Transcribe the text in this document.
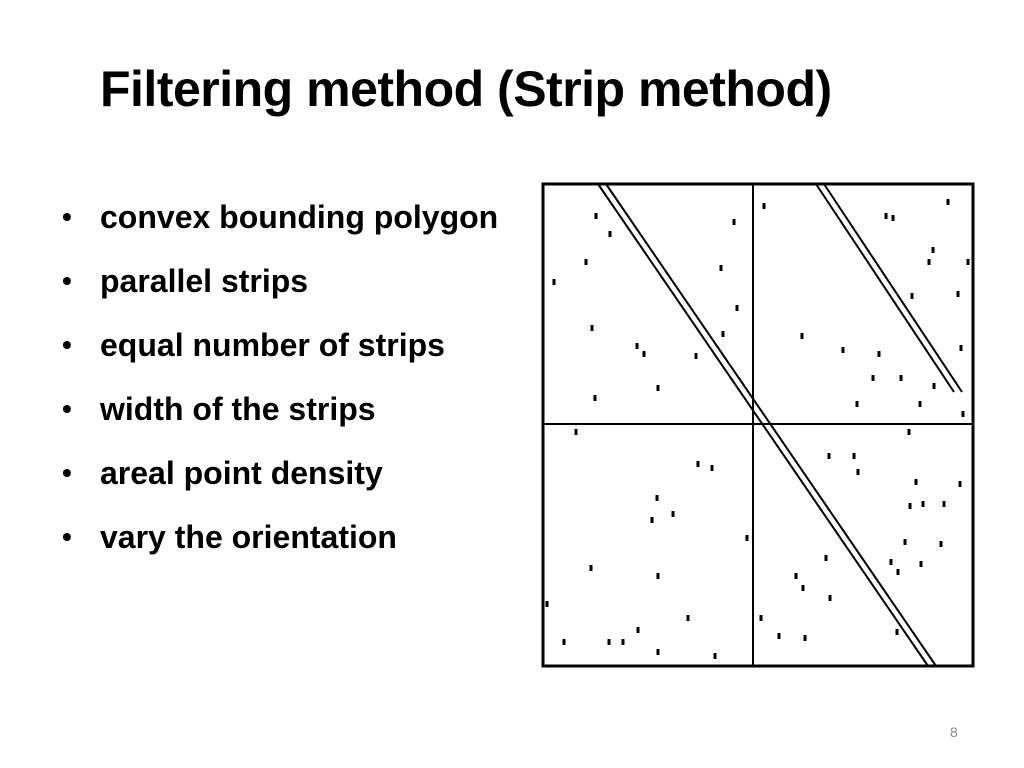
Filtering method (Strip method)
• convex bounding polygon
• parallel strips
• equal number of strips
• width of the strips
• areal point density
• vary the orientation
8
